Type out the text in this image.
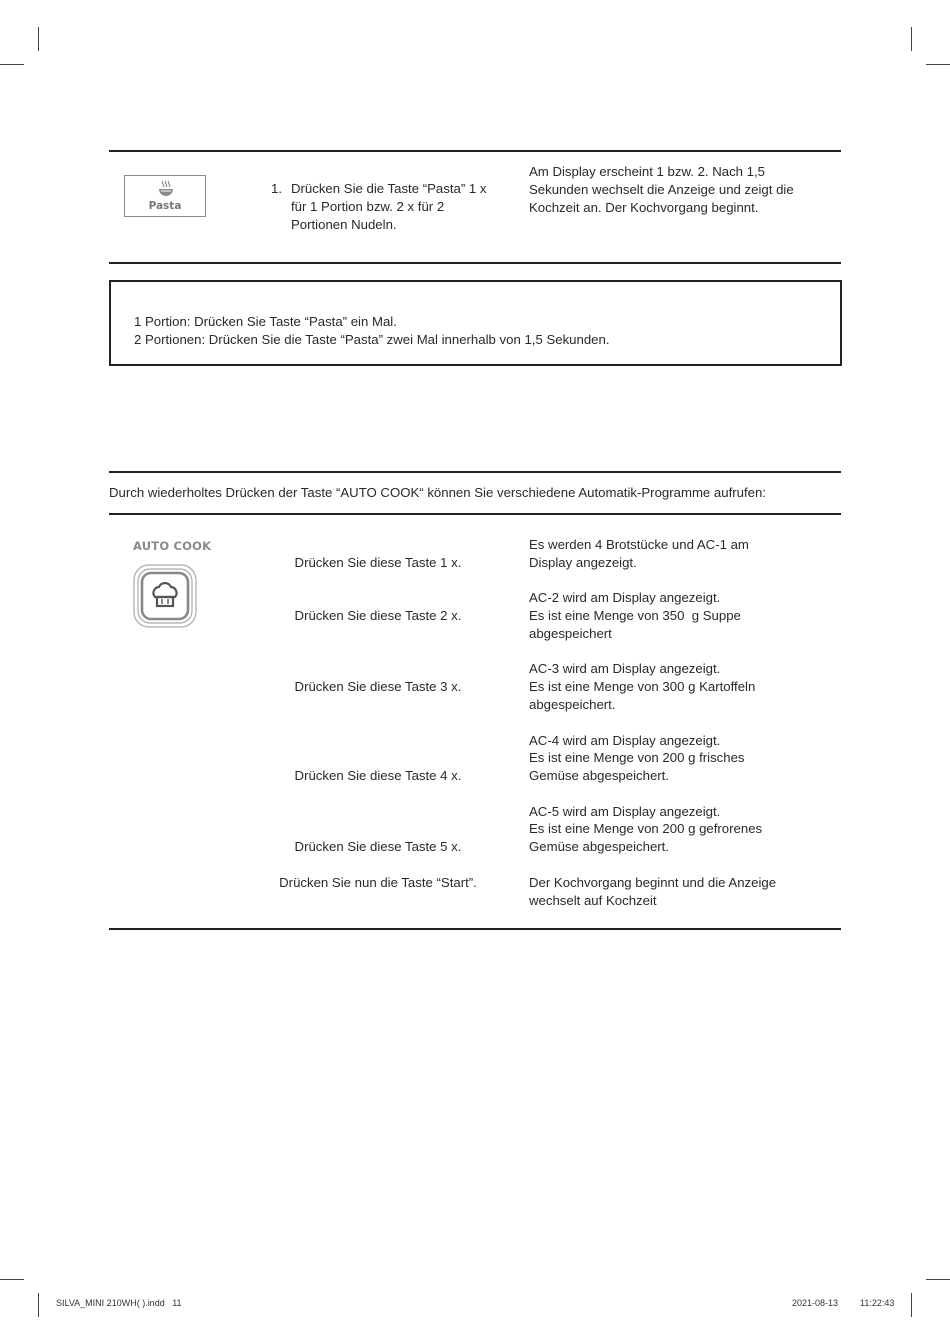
Pasta
1. Drücken Sie die Taste “Pasta” 1 x
für 1 Portion bzw. 2 x für 2
Portionen Nudeln.
Am Display erscheint 1 bzw. 2. Nach 1,5
Sekunden wechselt die Anzeige und zeigt die
Kochzeit an. Der Kochvorgang beginnt.
1 Portion: Drücken Sie Taste “Pasta” ein Mal.
2 Portionen: Drücken Sie die Taste “Pasta” zwei Mal innerhalb von 1,5 Sekunden.
Durch wiederholtes Drücken der Taste “AUTO COOK“ können Sie verschiedene Automatik-Programme aufrufen:
AUTO COOK
Drücken Sie diese Taste 1 x.
Es werden 4 Brotstücke und AC-1 am
Display angezeigt.
Drücken Sie diese Taste 2 x.
AC-2 wird am Display angezeigt.
Es ist eine Menge von 350  g Suppe
abgespeichert
Drücken Sie diese Taste 3 x.
AC-3 wird am Display angezeigt.
Es ist eine Menge von 300 g Kartoffeln
abgespeichert.
Drücken Sie diese Taste 4 x.
AC-4 wird am Display angezeigt.
Es ist eine Menge von 200 g frisches
Gemüse abgespeichert.
Drücken Sie diese Taste 5 x.
AC-5 wird am Display angezeigt.
Es ist eine Menge von 200 g gefrorenes
Gemüse abgespeichert.
Drücken Sie nun die Taste “Start”.	Der Kochvorgang beginnt und die Anzeige
wechselt auf Kochzeit
SILVA_MINI 210WH( ).indd   11	2021-08-13 11:22:43
